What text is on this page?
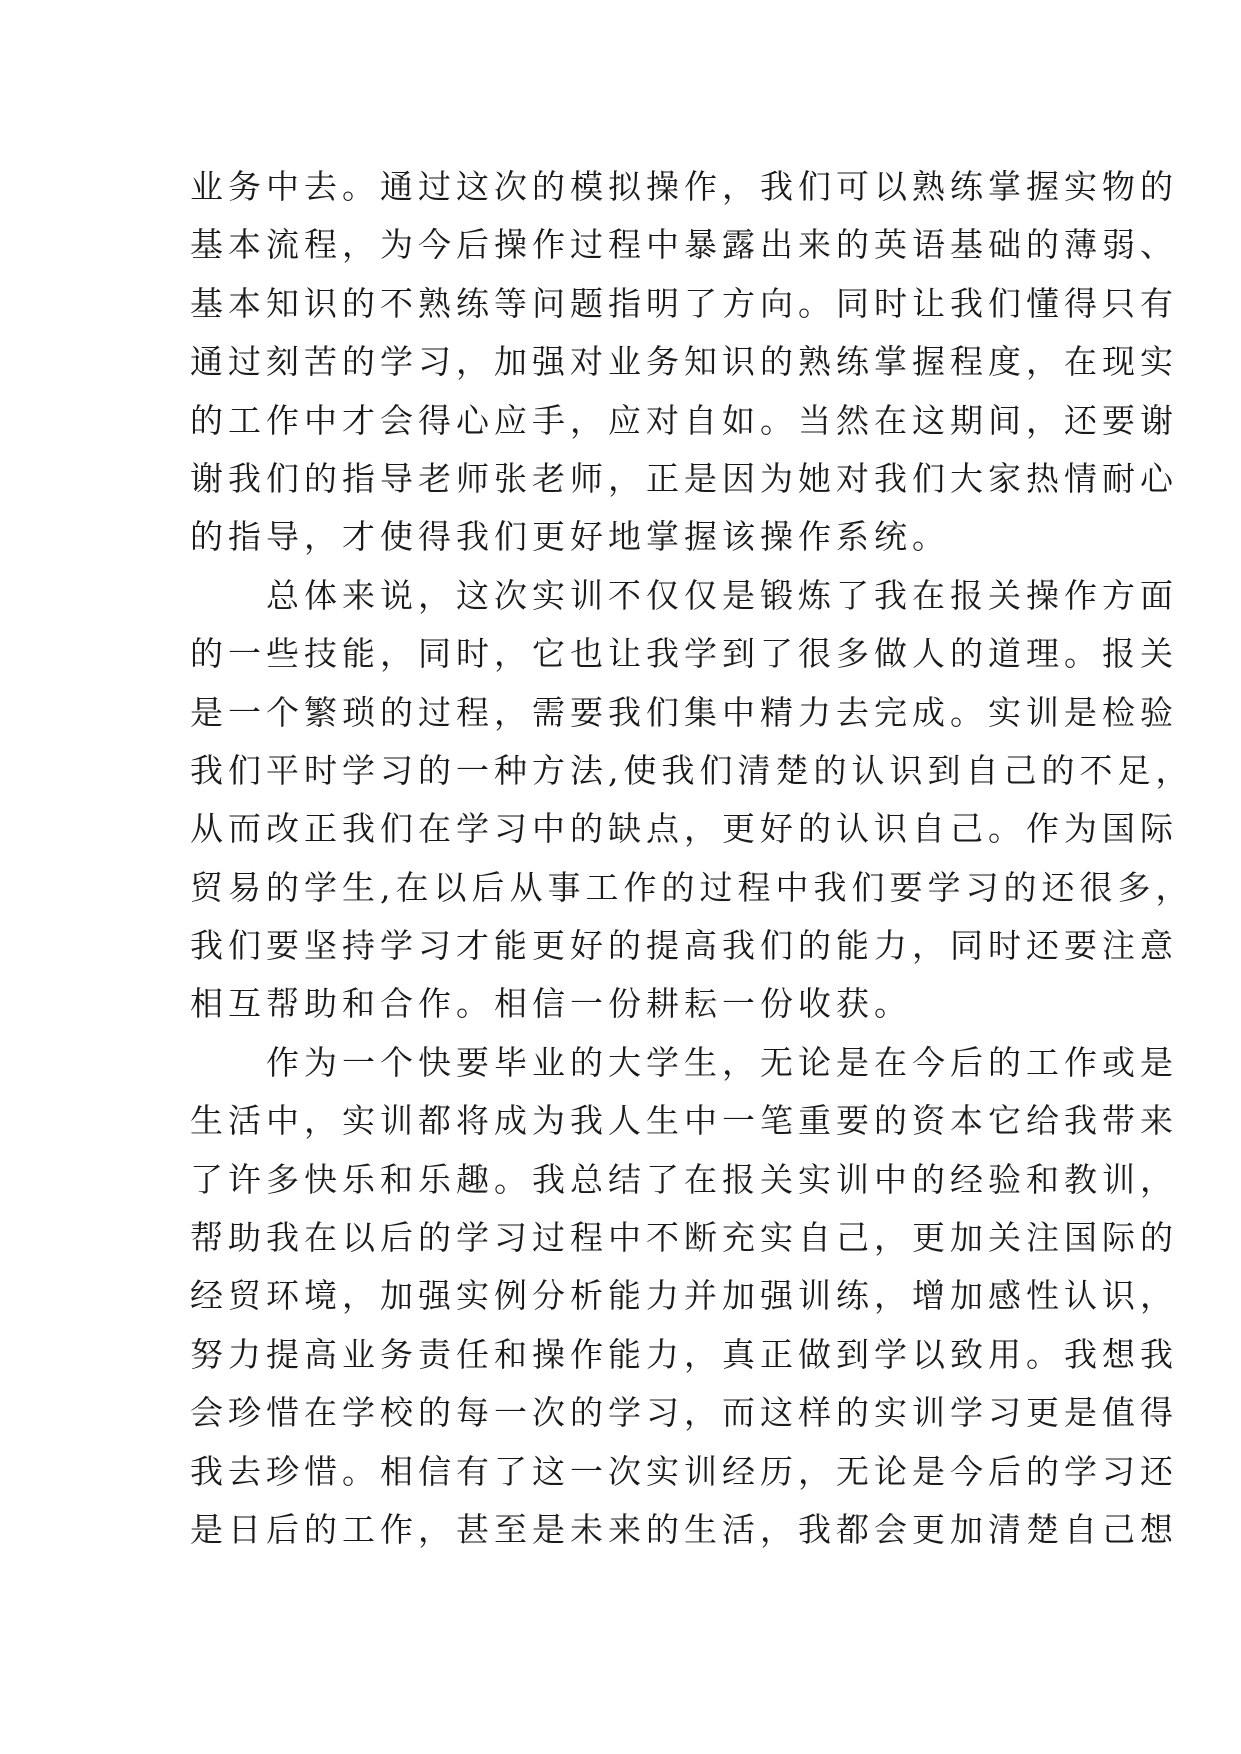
业务中去。通过这次的模拟操作，我们可以熟练掌握实物的
基本流程，为今后操作过程中暴露出来的英语基础的薄弱、
基本知识的不熟练等问题指明了方向。同时让我们懂得只有
通过刻苦的学习，加强对业务知识的熟练掌握程度，在现实
的工作中才会得心应手，应对自如。当然在这期间，还要谢
谢我们的指导老师张老师，正是因为她对我们大家热情耐心
的指导，才使得我们更好地掌握该操作系统。
　　总体来说，这次实训不仅仅是锻炼了我在报关操作方面
的一些技能，同时，它也让我学到了很多做人的道理。报关
是一个繁琐的过程，需要我们集中精力去完成。实训是检验
我们平时学习的一种方法,使我们清楚的认识到自己的不足，
从而改正我们在学习中的缺点，更好的认识自己。作为国际
贸易的学生,在以后从事工作的过程中我们要学习的还很多，
我们要坚持学习才能更好的提高我们的能力，同时还要注意
相互帮助和合作。相信一份耕耘一份收获。
　　作为一个快要毕业的大学生，无论是在今后的工作或是
生活中，实训都将成为我人生中一笔重要的资本它给我带来
了许多快乐和乐趣。我总结了在报关实训中的经验和教训，
帮助我在以后的学习过程中不断充实自己，更加关注国际的
经贸环境，加强实例分析能力并加强训练，增加感性认识，
努力提高业务责任和操作能力，真正做到学以致用。我想我
会珍惜在学校的每一次的学习，而这样的实训学习更是值得
我去珍惜。相信有了这一次实训经历，无论是今后的学习还
是日后的工作，甚至是未来的生活，我都会更加清楚自己想
